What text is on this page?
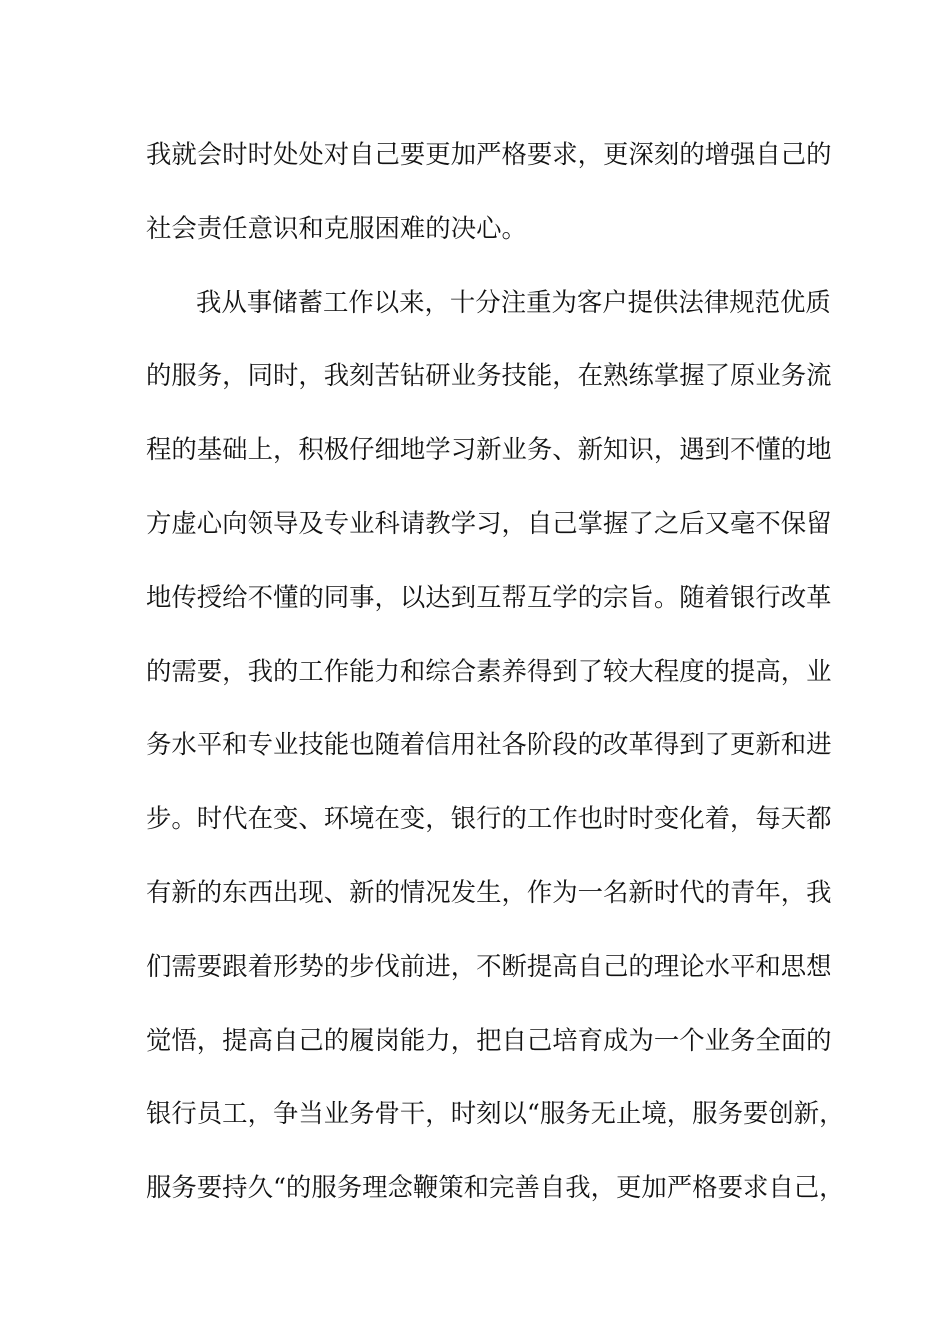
我就会时时处处对自己要更加严格要求，更深刻的增强自己的
社会责任意识和克服困难的决心。
我从事储蓄工作以来，十分注重为客户提供法律规范优质
的服务，同时，我刻苦钻研业务技能，在熟练掌握了原业务流
程的基础上，积极仔细地学习新业务、新知识，遇到不懂的地
方虚心向领导及专业科请教学习，自己掌握了之后又毫不保留
地传授给不懂的同事，以达到互帮互学的宗旨。随着银行改革
的需要，我的工作能力和综合素养得到了较大程度的提高，业
务水平和专业技能也随着信用社各阶段的改革得到了更新和进
步。时代在变、环境在变，银行的工作也时时变化着，每天都
有新的东西出现、新的情况发生，作为一名新时代的青年，我
们需要跟着形势的步伐前进，不断提高自己的理论水平和思想
觉悟，提高自己的履岗能力，把自己培育成为一个业务全面的
银行员工，争当业务骨干，时刻以“服务无止境，服务要创新，
服务要持久“的服务理念鞭策和完善自我，更加严格要求自己，
